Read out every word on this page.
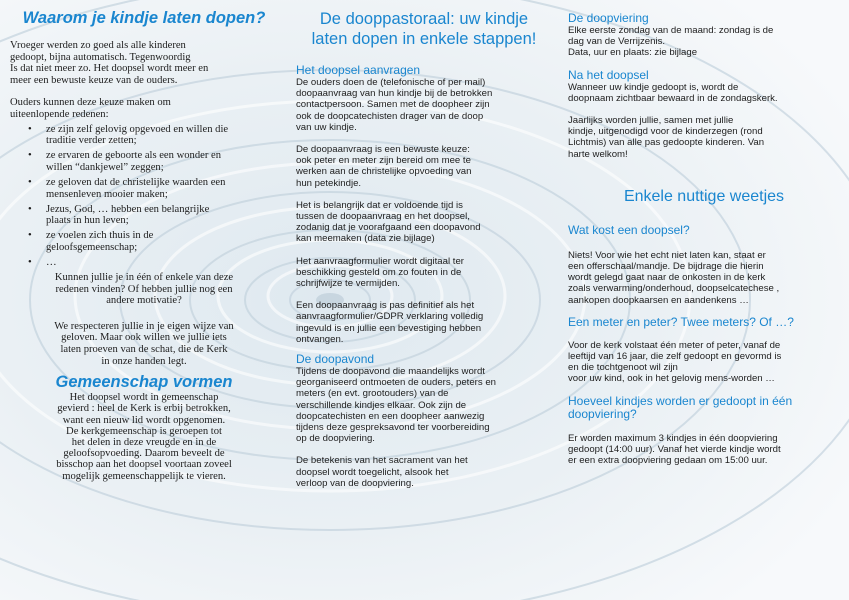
Waarom je kindje laten dopen?

Vroeger werden zo goed als alle kinderen
gedoopt, bijna automatisch. Tegenwoordig
Is dat niet meer zo. Het doopsel wordt meer en
meer een bewuste keuze van de ouders.

Ouders kunnen deze keuze maken om
uiteenlopende redenen:

• ze zijn zelf gelovig opgevoed en willen die
traditie verder zetten;
• ze ervaren de geboorte als een wonder en
willen “dankjewel” zeggen;
• ze geloven dat de christelijke waarden een
mensenleven mooier maken;
• Jezus, God, … hebben een belangrijke
plaats in hun leven;
• ze voelen zich thuis in de
geloofsgemeenschap;
• …

Kunnen jullie je in één of enkele van deze
redenen vinden? Of hebben jullie nog een
andere motivatie?

We respecteren jullie in je eigen wijze van
geloven. Maar ook willen we jullie iets
laten proeven van de schat, die de Kerk
in onze handen legt.

Gemeenschap vormen

Het doopsel wordt in gemeenschap
gevierd : heel de Kerk is erbij betrokken,
want een nieuw lid wordt opgenomen.
De kerkgemeenschap is geroepen tot
het delen in deze vreugde en in de
geloofsopvoeding. Daarom beveelt de
bisschop aan het doopsel voortaan zoveel
mogelijk gemeenschappelijk te vieren.

De dooppastoraal: uw kindje
laten dopen in enkele stappen!

Het doopsel aanvragen

De ouders doen de (telefonische of per mail)
doopaanvraag van hun kindje bij de betrokken
contactpersoon. Samen met de doopheer zijn
ook de doopcatechisten drager van de doop
van uw kindje.

De doopaanvraag is een bewuste keuze:
ook peter en meter zijn bereid om mee te
werken aan de christelijke opvoeding van
hun petekindje.

Het is belangrijk dat er voldoende tijd is
tussen de doopaanvraag en het doopsel,
zodanig dat je voorafgaand een doopavond
kan meemaken (data zie bijlage)

Het aanvraagformulier wordt digitaal ter
beschikking gesteld om zo fouten in de
schrijfwijze te vermijden.

Een doopaanvraag is pas definitief als het
aanvraagformulier/GDPR verklaring volledig
ingevuld is en jullie een bevestiging hebben
ontvangen.

De doopavond

Tijdens de doopavond die maandelijks wordt
georganiseerd ontmoeten de ouders, peters en
meters (en evt. grootouders) van de
verschillende kindjes elkaar. Ook zijn de
doopcatechisten en een doopheer aanwezig
tijdens deze gespreksavond ter voorbereiding
op de doopviering.

De betekenis van het sacrament van het
doopsel wordt toegelicht, alsook het
verloop van de doopviering.

De doopviering

Elke eerste zondag van de maand: zondag is de
dag van de Verrijzenis.
Data, uur en plaats: zie bijlage

Na het doopsel

Wanneer uw kindje gedoopt is, wordt de
doopnaam zichtbaar bewaard in de zondagskerk.

Jaarlijks worden jullie, samen met jullie
kindje, uitgenodigd voor de kinderzegen (rond
Lichtmis) van alle pas gedoopte kinderen. Van
harte welkom!

Enkele nuttige weetjes
Wat kost een doopsel?

Niets! Voor wie het echt niet laten kan, staat er
een offerschaal/mandje. De bijdrage die hierin
wordt gelegd gaat naar de onkosten in de kerk
zoals verwarming/onderhoud, doopselcatechese ,
aankopen doopkaarsen en aandenkens …

Een meter en peter? Twee meters? Of …?

Voor de kerk volstaat één meter of peter, vanaf de
leeftijd van 16 jaar, die zelf gedoopt en gevormd is
en die tochtgenoot wil zijn
voor uw kind, ook in het gelovig mens-worden …

Hoeveel kindjes worden er gedoopt in één
doopviering?

Er worden maximum 3 kindjes in één doopviering
gedoopt (14:00 uur). Vanaf het vierde kindje wordt
er een extra doopviering gedaan om 15:00 uur.
